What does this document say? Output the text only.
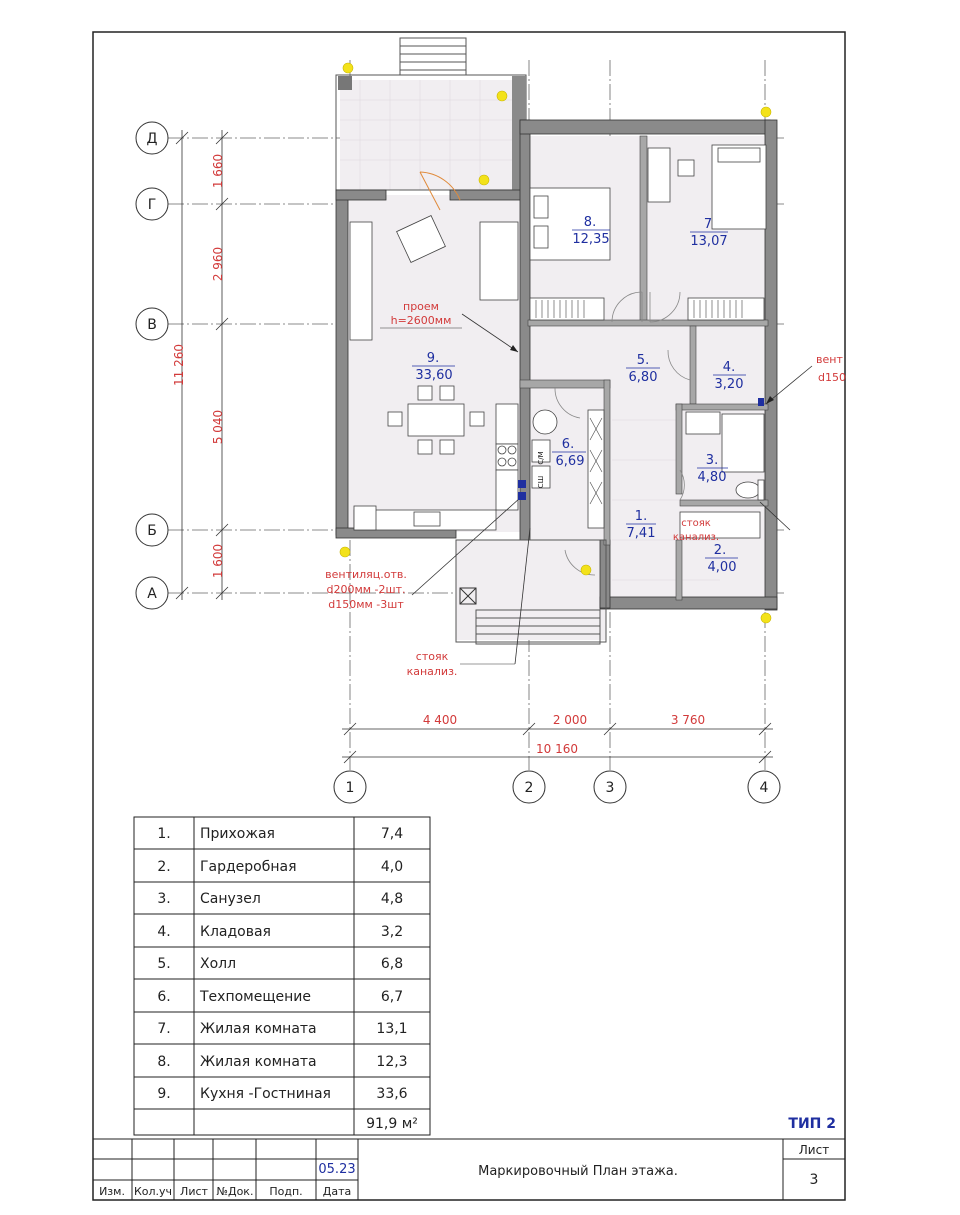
11 260
1 660
2 960
5 040
1 600
Д
Г
В
Б
А
4 400	2 000	3 760
10 160
1	2	3	4
1.
7,41
2.
4,00
3.
4,80
4.
3,20
5.
6,80
6.
6,69
7
13,07
8.
12,35
9.
33,60
проем
h=2600мм
вентиляц.отв.
d200мм -2шт.
d150мм -3шт
стояк
канализ.
стояк
канализ.
вент
d150
С/М
СШ
1. Прихожая	7,4
2. Гардеробная	4,0
3. Санузел	4,8
4. Кладовая	3,2
5. Холл	6,8
6. Техпомещение	6,7
7. Жилая комната	13,1
8. Жилая комната	12,3
9. Кухня -Гостниная	33,6
91,9 м²	ТИП 2
Лист
3
Маркировочный План этажа.
05.23
Изм. Кол.уч Лист №Док. Подп. Дата
